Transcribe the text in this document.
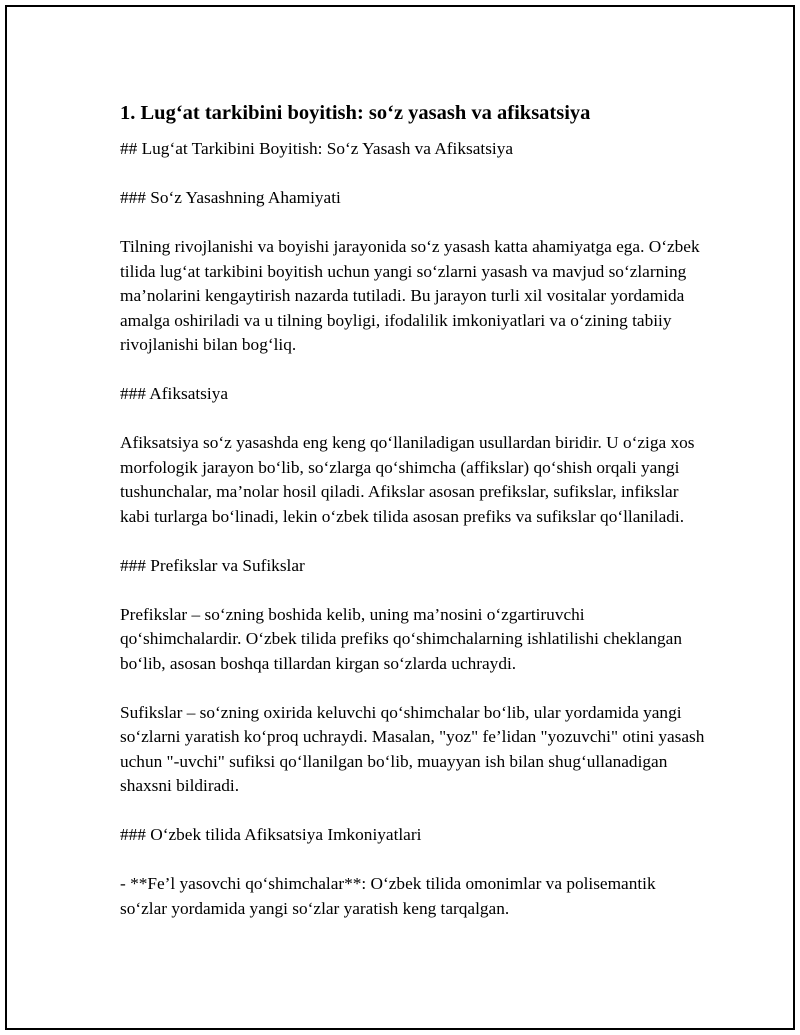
1. Lug‘at tarkibini boyitish: so‘z yasash va afiksatsiya

## Lug‘at Tarkibini Boyitish: So‘z Yasash va Afiksatsiya

### So‘z Yasashning Ahamiyati

Tilning rivojlanishi va boyishi jarayonida so‘z yasash katta ahamiyatga ega. O‘zbek tilida lug‘at tarkibini boyitish uchun yangi so‘zlarni yasash va mavjud so‘zlarning ma’nolarini kengaytirish nazarda tutiladi. Bu jarayon turli xil vositalar yordamida amalga oshiriladi va u tilning boyligi, ifodalilik imkoniyatlari va o‘zining tabiiy rivojlanishi bilan bog‘liq.

### Afiksatsiya

Afiksatsiya so‘z yasashda eng keng qo‘llaniladigan usullardan biridir. U o‘ziga xos morfologik jarayon bo‘lib, so‘zlarga qo‘shimcha (affikslar) qo‘shish orqali yangi tushunchalar, ma’nolar hosil qiladi. Afikslar asosan prefikslar, sufikslar, infikslar kabi turlarga bo‘linadi, lekin o‘zbek tilida asosan prefiks va sufikslar qo‘llaniladi.

### Prefikslar va Sufikslar

Prefikslar – so‘zning boshida kelib, uning ma’nosini o‘zgartiruvchi qo‘shimchalardir. O‘zbek tilida prefiks qo‘shimchalarning ishlatilishi cheklangan bo‘lib, asosan boshqa tillardan kirgan so‘zlarda uchraydi.

Sufikslar – so‘zning oxirida keluvchi qo‘shimchalar bo‘lib, ular yordamida yangi so‘zlarni yaratish ko‘proq uchraydi. Masalan, "yoz" fe’lidan "yozuvchi" otini yasash uchun "-uvchi" sufiksi qo‘llanilgan bo‘lib, muayyan ish bilan shug‘ullanadigan shaxsni bildiradi.

### O‘zbek tilida Afiksatsiya Imkoniyatlari

- **Fe’l yasovchi qo‘shimchalar**: O‘zbek tilida omonimlar va polisemantik so‘zlar yordamida yangi so‘zlar yaratish keng tarqalgan.
